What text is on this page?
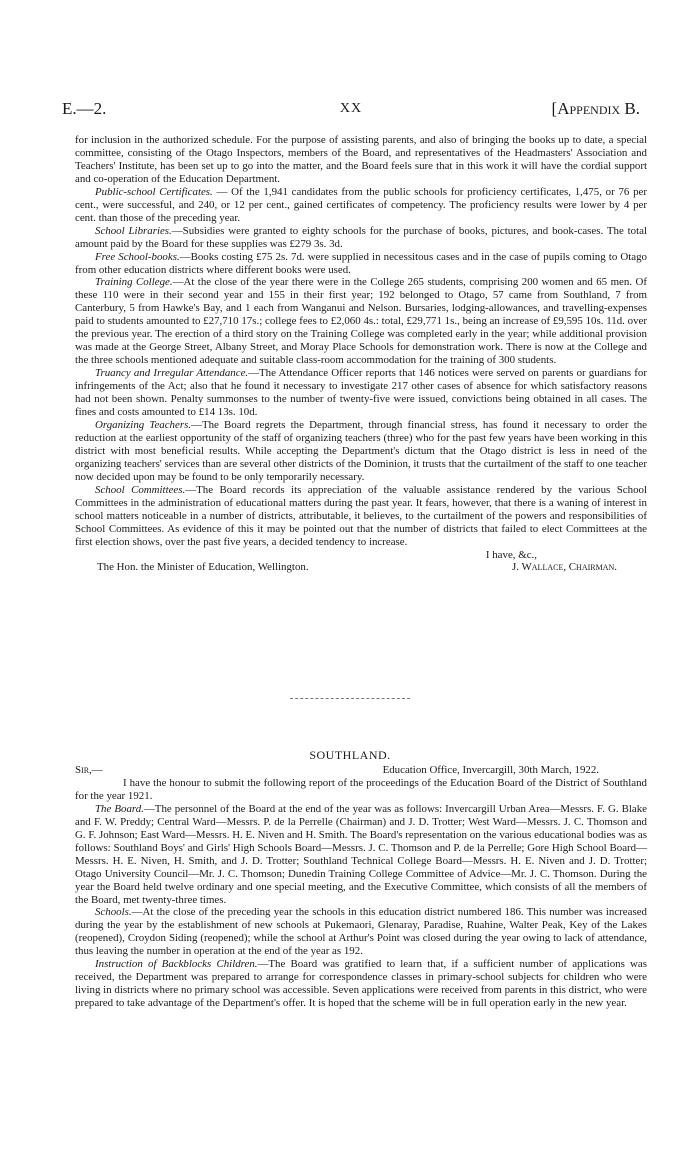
E.—2.	XX	[Appendix B.

for inclusion in the authorized schedule. For the purpose of assisting parents, and also of bringing the books up to date, a special committee, consisting of the Otago Inspectors, members of the Board, and representatives of the Headmasters' Association and Teachers' Institute, has been set up to go into the matter, and the Board feels sure that in this work it will have the cordial support and co-operation of the Education Department.

Public-school Certificates. — Of the 1,941 candidates from the public schools for proficiency certificates, 1,475, or 76 per cent., were successful, and 240, or 12 per cent., gained certificates of competency. The proficiency results were lower by 4 per cent. than those of the preceding year.

School Libraries.—Subsidies were granted to eighty schools for the purchase of books, pictures, and book-cases. The total amount paid by the Board for these supplies was £279 3s. 3d.

Free School-books.—Books costing £75 2s. 7d. were supplied in necessitous cases and in the case of pupils coming to Otago from other education districts where different books were used.

Training College.—At the close of the year there were in the College 265 students, comprising 200 women and 65 men. Of these 110 were in their second year and 155 in their first year; 192 belonged to Otago, 57 came from Southland, 7 from Canterbury, 5 from Hawke's Bay, and 1 each from Wanganui and Nelson. Bursaries, lodging-allowances, and travelling-expenses paid to students amounted to £27,710 17s.; college fees to £2,060 4s.: total, £29,771 1s., being an increase of £9,595 10s. 11d. over the previous year. The erection of a third story on the Training College was completed early in the year; while additional provision was made at the George Street, Albany Street, and Moray Place Schools for demonstration work. There is now at the College and the three schools mentioned adequate and suitable class-room accommodation for the training of 300 students.

Truancy and Irregular Attendance.—The Attendance Officer reports that 146 notices were served on parents or guardians for infringements of the Act; also that he found it necessary to investigate 217 other cases of absence for which satisfactory reasons had not been shown. Penalty summonses to the number of twenty-five were issued, convictions being obtained in all cases. The fines and costs amounted to £14 13s. 10d.

Organizing Teachers.—The Board regrets the Department, through financial stress, has found it necessary to order the reduction at the earliest opportunity of the staff of organizing teachers (three) who for the past few years have been working in this district with most beneficial results. While accepting the Department's dictum that the Otago district is less in need of the organizing teachers' services than are several other districts of the Dominion, it trusts that the curtailment of the staff to one teacher now decided upon may be found to be only temporarily necessary.

School Committees.—The Board records its appreciation of the valuable assistance rendered by the various School Committees in the administration of educational matters during the past year. It fears, however, that there is a waning of interest in school matters noticeable in a number of districts, attributable, it believes, to the curtailment of the powers and responsibilities of School Committees. As evidence of this it may be pointed out that the number of districts that failed to elect Committees at the first election shows, over the past five years, a decided tendency to increase.

I have, &c.,

The Hon. the Minister of Education, Wellington.	J. Wallace, Chairman.

SOUTHLAND.

Sir,—	Education Office, Invercargill, 30th March, 1922.

I have the honour to submit the following report of the proceedings of the Education Board of the District of Southland for the year 1921.

The Board.—The personnel of the Board at the end of the year was as follows: Invercargill Urban Area—Messrs. F. G. Blake and F. W. Preddy; Central Ward—Messrs. P. de la Perrelle (Chairman) and J. D. Trotter; West Ward—Messrs. J. C. Thomson and G. F. Johnson; East Ward—Messrs. H. E. Niven and H. Smith. The Board's representation on the various educational bodies was as follows: Southland Boys' and Girls' High Schools Board—Messrs. J. C. Thomson and P. de la Perrelle; Gore High School Board—Messrs. H. E. Niven, H. Smith, and J. D. Trotter; Southland Technical College Board—Messrs. H. E. Niven and J. D. Trotter; Otago University Council—Mr. J. C. Thomson; Dunedin Training College Committee of Advice—Mr. J. C. Thomson. During the year the Board held twelve ordinary and one special meeting, and the Executive Committee, which consists of all the members of the Board, met twenty-three times.

Schools.—At the close of the preceding year the schools in this education district numbered 186. This number was increased during the year by the establishment of new schools at Pukemaori, Glenaray, Paradise, Ruahine, Walter Peak, Key of the Lakes (reopened), Croydon Siding (reopened); while the school at Arthur's Point was closed during the year owing to lack of attendance, thus leaving the number in operation at the end of the year as 192.

Instruction of Backblocks Children.—The Board was gratified to learn that, if a sufficient number of applications was received, the Department was prepared to arrange for correspondence classes in primary-school subjects for children who were living in districts where no primary school was accessible. Seven applications were received from parents in this district, who were prepared to take advantage of the Department's offer. It is hoped that the scheme will be in full operation early in the new year.
